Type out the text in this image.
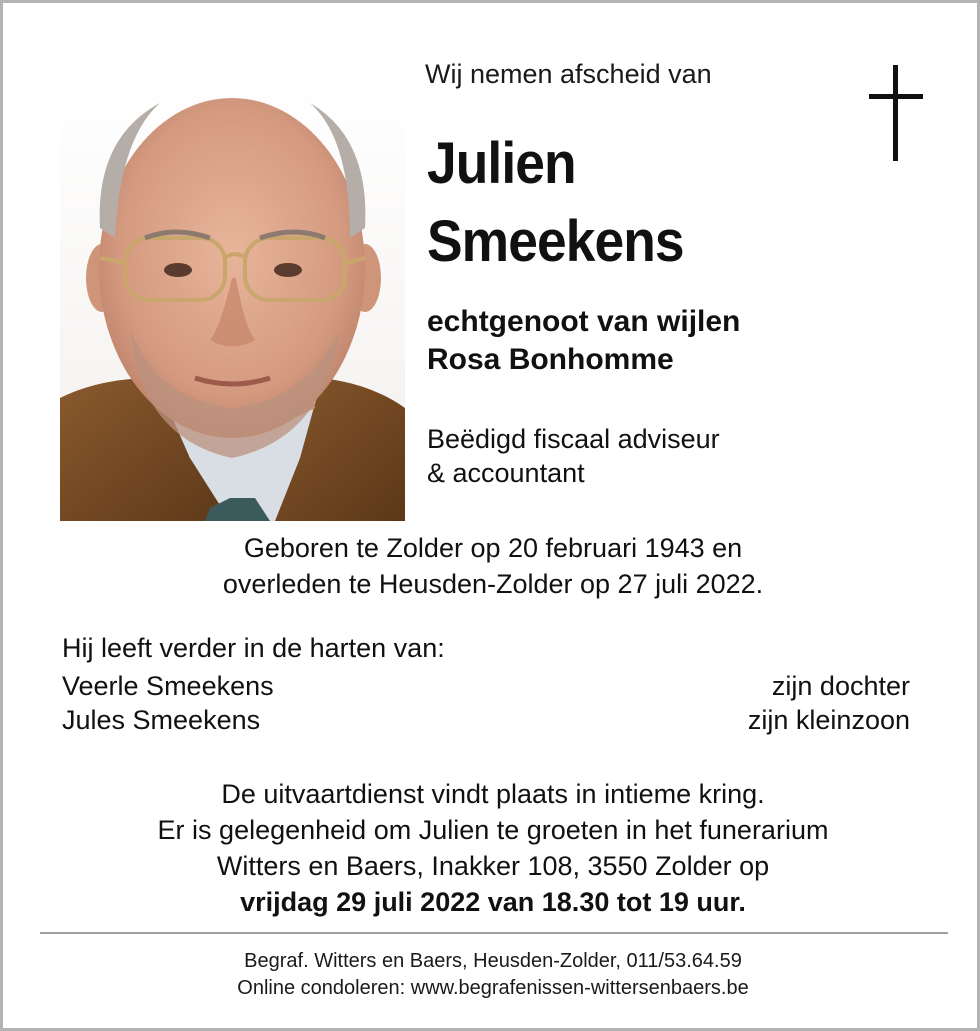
Wij nemen afscheid van
Julien
Smeekens
echtgenoot van wijlen
Rosa Bonhomme
Beëdigd fiscaal adviseur
& accountant
Geboren te Zolder op 20 februari 1943 en
overleden te Heusden-Zolder op 27 juli 2022.
Hij leeft verder in de harten van:
Veerle Smeekens	zijn dochter
Jules Smeekens	zijn kleinzoon
De uitvaartdienst vindt plaats in intieme kring.
Er is gelegenheid om Julien te groeten in het funerarium
Witters en Baers, Inakker 108, 3550 Zolder op
vrijdag 29 juli 2022 van 18.30 tot 19 uur.
Begraf. Witters en Baers, Heusden-Zolder, 011/53.64.59
Online condoleren: www.begrafenissen-wittersenbaers.be
